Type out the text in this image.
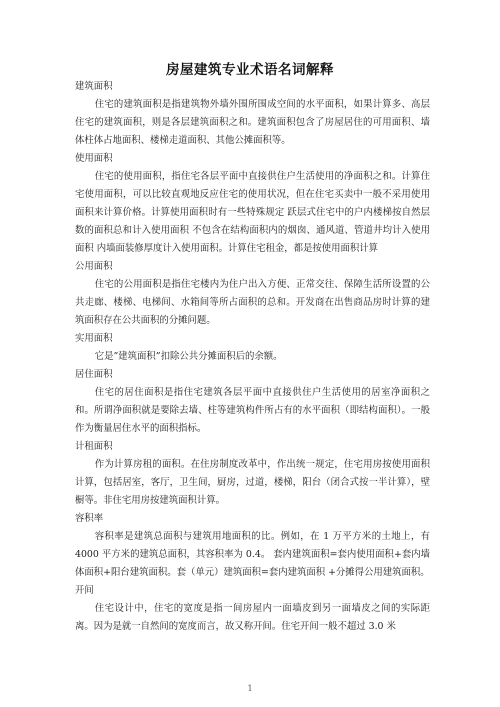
房屋建筑专业术语名词解释

建筑面积

住宅的建筑面积是指建筑物外墙外围所围成空间的水平面积，如果计算多、高层住宅的建筑面积，则是各层建筑面积之和。建筑面积包含了房屋居住的可用面积、墙体柱体占地面积、楼梯走道面积、其他公摊面积等。

使用面积

住宅的使用面积，指住宅各层平面中直接供住户生活使用的净面积之和。计算住宅使用面积，可以比较直观地反应住宅的使用状况，但在住宅买卖中一般不采用使用面积来计算价格。计算使用面积时有一些特殊规定 跃层式住宅中的户内楼梯按自然层数的面积总和计入使用面积 不包含在结构面积内的烟囱、通风道、管道井均计入使用面积 内墙面装修厚度计入使用面积。计算住宅租金，都是按使用面积计算

公用面积

住宅的公用面积是指住宅楼内为住户出入方便、正常交往、保障生活所设置的公共走廊、楼梯、电梯间、水箱间等所占面积的总和。开发商在出售商品房时计算的建筑面积存在公共面积的分摊问题。

实用面积

它是”建筑面积”扣除公共分摊面积后的余额。

居住面积

住宅的居住面积是指住宅建筑各层平面中直接供住户生活使用的居室净面积之和。所谓净面积就是要除去墙、柱等建筑构件所占有的水平面积（即结构面积）。一般作为衡量居住水平的面积指标。

计租面积

作为计算房租的面积。在住房制度改革中，作出统一规定，住宅用房按使用面积计算，包括居室，客厅，卫生间，厨房，过道，楼梯，阳台（闭合式按一半计算），壁橱等。非住宅用房按建筑面积计算。

容积率

容积率是建筑总面积与建筑用地面积的比。例如，在 1 万平方米的土地上，有 4000 平方米的建筑总面积，其容积率为 0.4。 套内建筑面积=套内使用面积+套内墙体面积+阳台建筑面积。套（单元）建筑面积=套内建筑面积 +分摊得公用建筑面积。

开间

住宅设计中，住宅的宽度是指一间房屋内一面墙皮到另一面墙皮之间的实际距离。因为是就一自然间的宽度而言，故又称开间。住宅开间一般不超过 3.0 米

1
